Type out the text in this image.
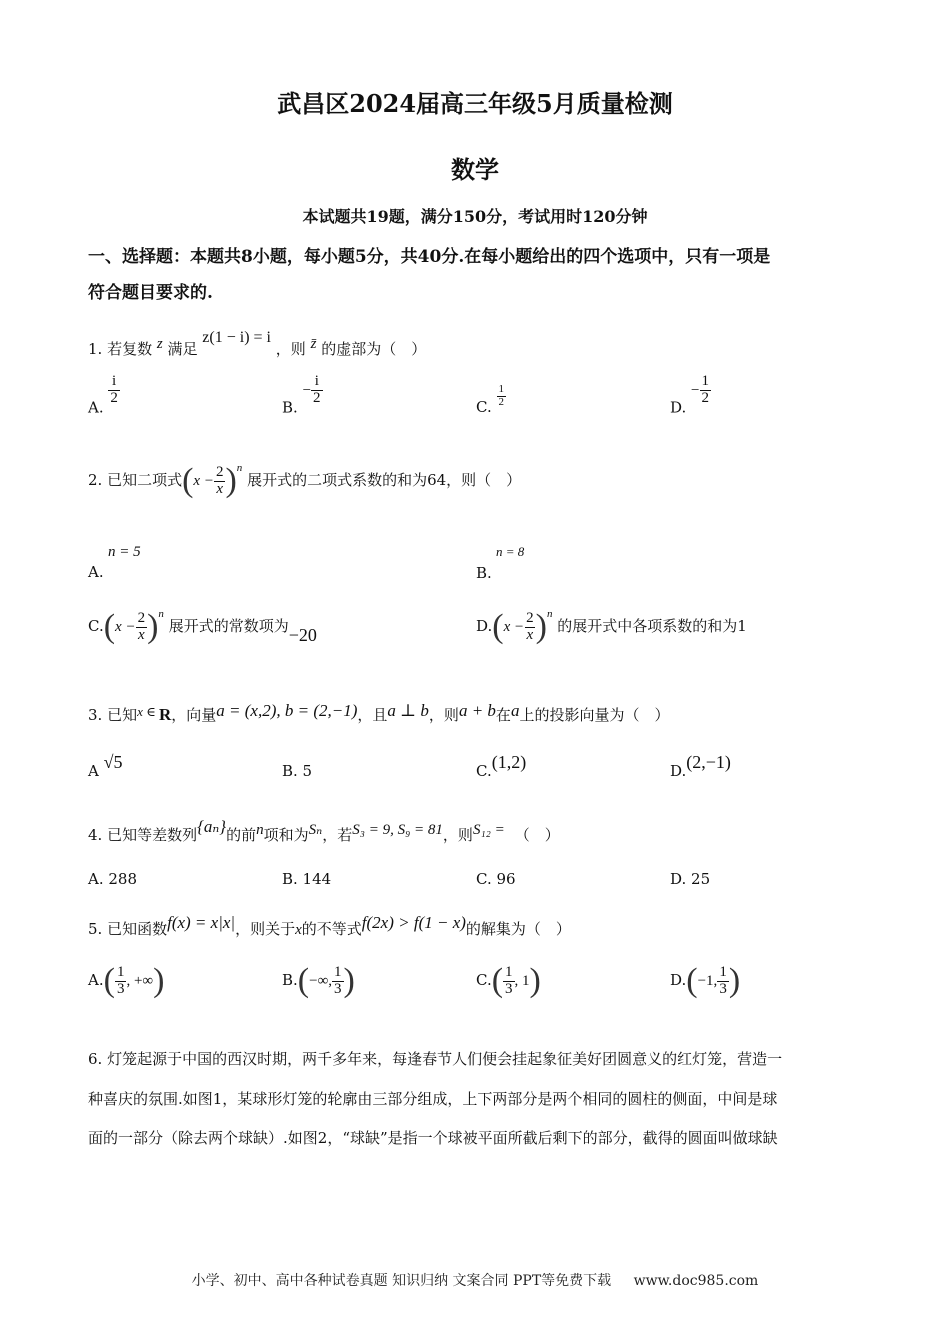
武昌区2024届高三年级5月质量检测
数学
本试题共19题，满分150分，考试用时120分钟
一、选择题：本题共8小题，每小题5分，共40分.在每小题给出的四个选项中，只有一项是
符合题目要求的.
1. 若复数 z 满足 z(1 − i) = i ，则 z̄ 的虚部为（　）
A.
$\frac{i}{2}$
B. − $\frac{i}{2}$
C. $\frac{1}{2}$	D. − $\frac{1}{2}$
2. 已知二项式$(x - \frac{2}{x} )^n$ 展开式的二项式系数的和为64，则（　）
n = 5
A.
n = 8
B.
$C.(x - \frac{2}{x} )^n$ 展开式的常数项为−20	$D.(x - \frac{2}{x} )^n$ 的展开式中各项系数的和为1
3. 已知x ∈ R，向量a = (x,2), b = (2,−1)，且a ⊥ b，则a + b在a上的投影向量为（　）
A √5	B. 5	C.(1,2)	D.(2,−1)
4. 已知等差数列{aₙ}的前n项和为Sₙ，若S₃ = 9, S₉ = 81，则S₁₂ = （　）
A. 288	B. 144	C. 96	D. 25
5. 已知函数f(x) = x|x|，则关于x的不等式f(2x) > f(1 − x)的解集为（　）
$A.( \frac{1}{3}$ , +∞)	B.(−∞, $\frac{1}{3}$ )	$C.( \frac{1}{3}$ , 1)	D.(−1, $\frac{1}{3}$ )
6. 灯笼起源于中国的西汉时期，两千多年来，每逢春节人们便会挂起象征美好团圆意义的红灯笼，营造一
种喜庆的氛围.如图1，某球形灯笼的轮廓由三部分组成，上下两部分是两个相同的圆柱的侧面，中间是球
面的一部分（除去两个球缺）.如图2，“球缺”是指一个球被平面所截后剩下的部分，截得的圆面叫做球缺
小学、初中、高中各种试卷真题 知识归纳 文案合同 PPT等免费下载 www.doc985.com
